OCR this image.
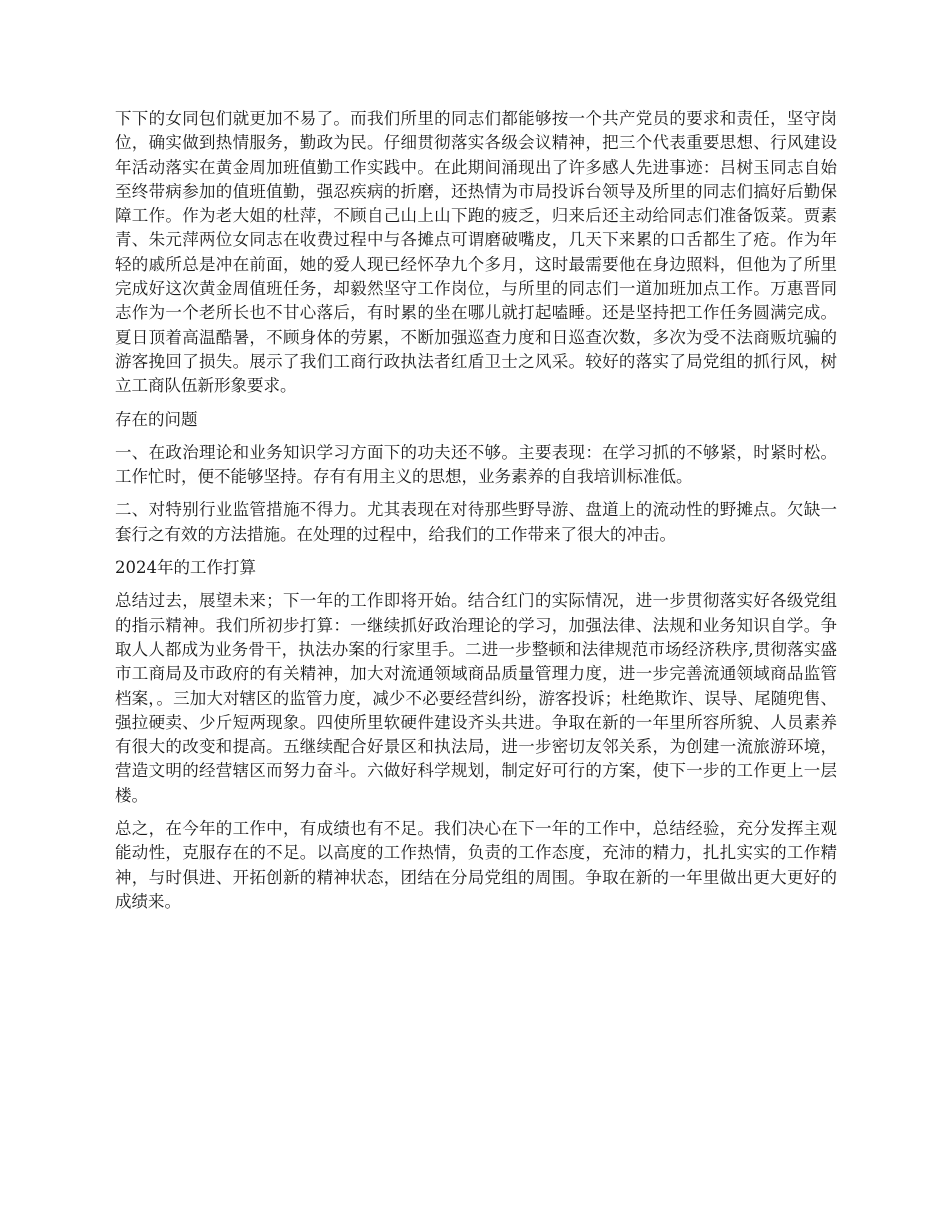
下下的女同包们就更加不易了。而我们所里的同志们都能够按一个共产党员的要求和责任，坚守岗位，确实做到热情服务，勤政为民。仔细贯彻落实各级会议精神，把三个代表重要思想、行风建设年活动落实在黄金周加班值勤工作实践中。在此期间涌现出了许多感人先进事迹：吕树玉同志自始至终带病参加的值班值勤，强忍疾病的折磨，还热情为市局投诉台领导及所里的同志们搞好后勤保障工作。作为老大姐的杜萍，不顾自己山上山下跑的疲乏，归来后还主动给同志们准备饭菜。贾素青、朱元萍两位女同志在收费过程中与各摊点可谓磨破嘴皮，几天下来累的口舌都生了疮。作为年轻的戚所总是冲在前面，她的爱人现已经怀孕九个多月，这时最需要他在身边照料，但他为了所里完成好这次黄金周值班任务，却毅然坚守工作岗位，与所里的同志们一道加班加点工作。万惠晋同志作为一个老所长也不甘心落后，有时累的坐在哪儿就打起嗑睡。还是坚持把工作任务圆满完成。夏日顶着高温酷暑，不顾身体的劳累，不断加强巡查力度和日巡查次数，多次为受不法商贩坑骗的游客挽回了损失。展示了我们工商行政执法者红盾卫士之风采。较好的落实了局党组的抓行风，树立工商队伍新形象要求。

存在的问题

一、在政治理论和业务知识学习方面下的功夫还不够。主要表现：在学习抓的不够紧，时紧时松。工作忙时，便不能够坚持。存有有用主义的思想，业务素养的自我培训标准低。

二、对特别行业监管措施不得力。尤其表现在对待那些野导游、盘道上的流动性的野摊点。欠缺一套行之有效的方法措施。在处理的过程中，给我们的工作带来了很大的冲击。

2024年的工作打算

总结过去，展望未来；下一年的工作即将开始。结合红门的实际情况，进一步贯彻落实好各级党组的指示精神。我们所初步打算：一继续抓好政治理论的学习，加强法律、法规和业务知识自学。争取人人都成为业务骨干，执法办案的行家里手。二进一步整顿和法律规范市场经济秩序,贯彻落实盛市工商局及市政府的有关精神，加大对流通领域商品质量管理力度，进一步完善流通领域商品监管档案，。三加大对辖区的监管力度，减少不必要经营纠纷，游客投诉；杜绝欺诈、误导、尾随兜售、强拉硬卖、少斤短两现象。四使所里软硬件建设齐头共进。争取在新的一年里所容所貌、人员素养有很大的改变和提高。五继续配合好景区和执法局，进一步密切友邻关系，为创建一流旅游环境，营造文明的经营辖区而努力奋斗。六做好科学规划，制定好可行的方案，使下一步的工作更上一层楼。

总之，在今年的工作中，有成绩也有不足。我们决心在下一年的工作中，总结经验，充分发挥主观能动性，克服存在的不足。以高度的工作热情，负责的工作态度，充沛的精力，扎扎实实的工作精神，与时俱进、开拓创新的精神状态，团结在分局党组的周围。争取在新的一年里做出更大更好的成绩来。
